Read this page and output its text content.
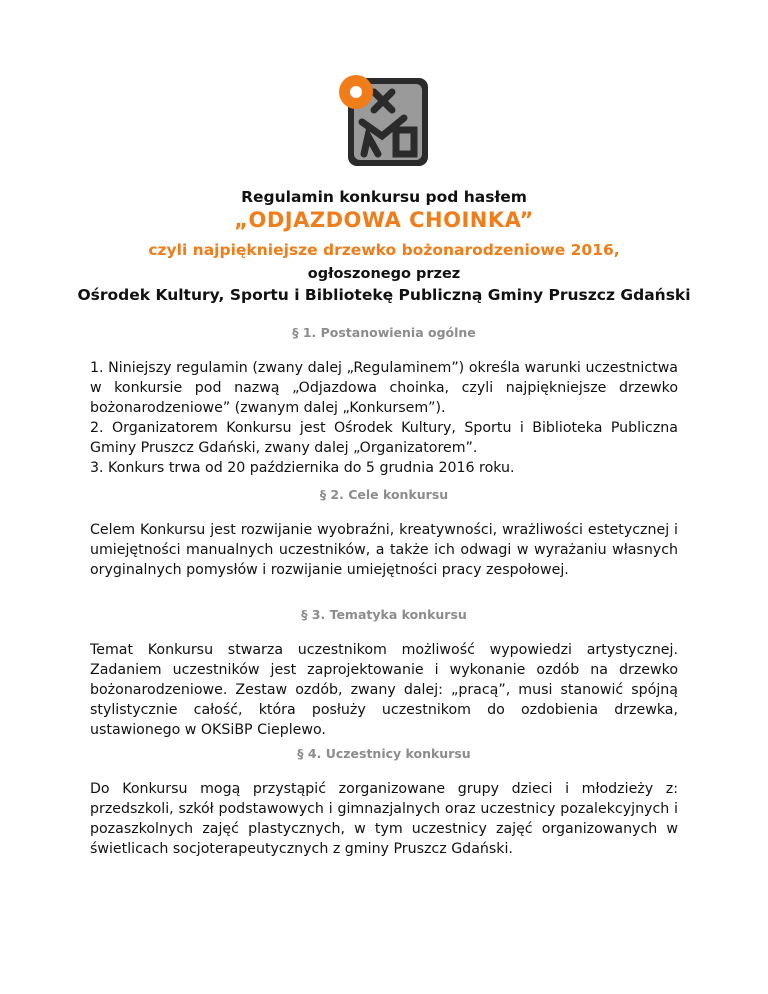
Regulamin konkursu pod hasłem
„ODJAZDOWA CHOINKA”
czyli najpiękniejsze drzewko bożonarodzeniowe 2016,
ogłoszonego przez
Ośrodek Kultury, Sportu i Bibliotekę Publiczną Gminy Pruszcz Gdański
§ 1. Postanowienia ogólne
1. Niniejszy regulamin (zwany dalej „Regulaminem”) określa warunki uczestnictwa w konkursie pod nazwą „Odjazdowa choinka, czyli najpiękniejsze drzewko bożonarodzeniowe” (zwanym dalej „Konkursem”).
2. Organizatorem Konkursu jest Ośrodek Kultury, Sportu i Biblioteka Publiczna Gminy Pruszcz Gdański, zwany dalej „Organizatorem”.
3. Konkurs trwa od 20 października do 5 grudnia 2016 roku.
§ 2. Cele konkursu
Celem Konkursu jest rozwijanie wyobraźni, kreatywności, wrażliwości estetycznej i umiejętności manualnych uczestników, a także ich odwagi w wyrażaniu własnych oryginalnych pomysłów i rozwijanie umiejętności pracy zespołowej.
§ 3. Tematyka konkursu
Temat Konkursu stwarza uczestnikom możliwość wypowiedzi artystycznej. Zadaniem uczestników jest zaprojektowanie i wykonanie ozdób na drzewko bożonarodzeniowe. Zestaw ozdób, zwany dalej: „pracą”, musi stanowić spójną stylistycznie całość, która posłuży uczestnikom do ozdobienia drzewka, ustawionego w OKSiBP Cieplewo.
§ 4. Uczestnicy konkursu
Do Konkursu mogą przystąpić zorganizowane grupy dzieci i młodzieży z: przedszkoli, szkół podstawowych i gimnazjalnych oraz uczestnicy pozalekcyjnych i pozaszkolnych zajęć plastycznych, w tym uczestnicy zajęć organizowanych w świetlicach socjoterapeutycznych z gminy Pruszcz Gdański.
